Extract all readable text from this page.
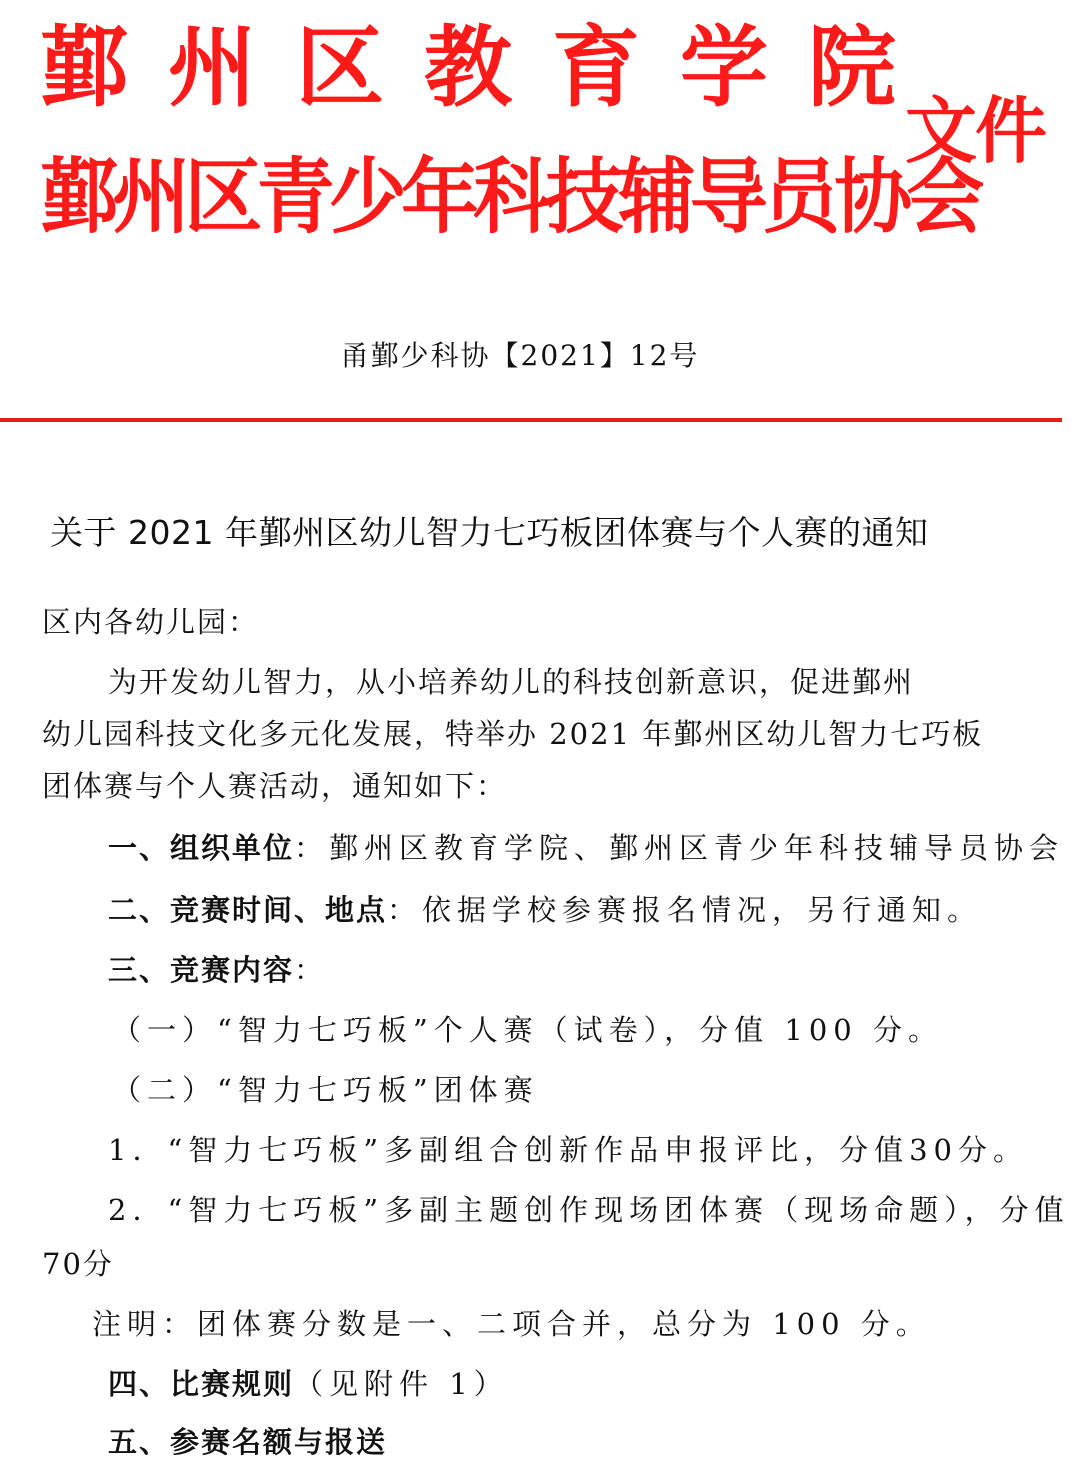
鄞州区教育学院
鄞州区青少年科技辅导员协会
文件
甬鄞少科协【2021】12号
关于 2021 年鄞州区幼儿智力七巧板团体赛与个人赛的通知
区内各幼儿园：
为开发幼儿智力，从小培养幼儿的科技创新意识，促进鄞州
幼儿园科技文化多元化发展，特举办 2021 年鄞州区幼儿智力七巧板
团体赛与个人赛活动，通知如下：
一、组织单位：鄞州区教育学院、鄞州区青少年科技辅导员协会
二、竞赛时间、地点：依据学校参赛报名情况，另行通知。
三、竞赛内容：
（一）“智力七巧板”个人赛（试卷），分值 100 分。
（二）“智力七巧板”团体赛
1．“智力七巧板”多副组合创新作品申报评比，分值30分。
2．“智力七巧板”多副主题创作现场团体赛（现场命题），分值
70分
注明：团体赛分数是一、二项合并，总分为 100 分。
四、比赛规则（见附件 1）
五、参赛名额与报送
